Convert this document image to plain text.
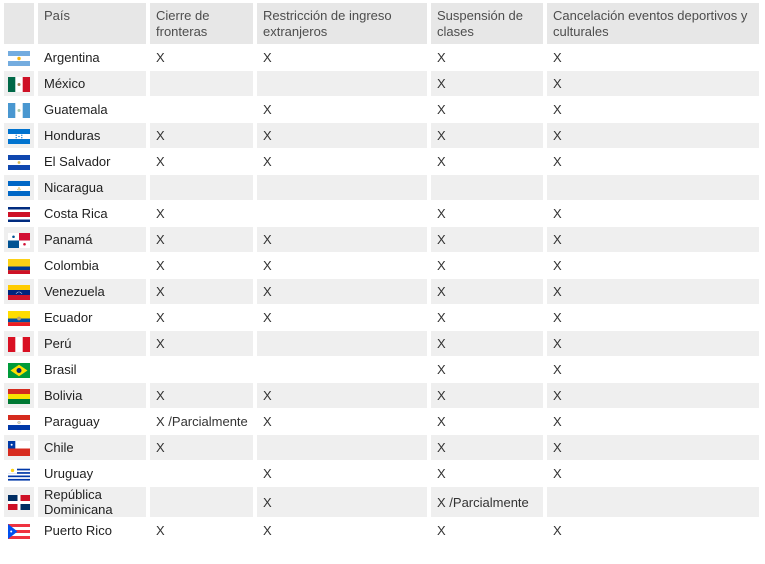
	País	Cierre de fronteras	Restricción de ingreso extranjeros	Suspensión de clases	Cancelación eventos deportivos y culturales

	Argentina	X	X	X	X

	México			X	X

	Guatemala		X	X	X

	Honduras	X	X	X	X

	El Salvador	X	X	X	X

	Nicaragua				

	Costa Rica	X		X	X

	Panamá	X	X	X	X

	Colombia	X	X	X	X

	Venezuela	X	X	X	X

	Ecuador	X	X	X	X

	Perú	X		X	X

	Brasil			X	X

	Bolivia	X	X	X	X

	Paraguay	X /Parcialmente	X	X	X

	Chile	X		X	X

	Uruguay		X	X	X

	República Dominicana		X	X /Parcialmente	

	Puerto Rico	X	X	X	X
